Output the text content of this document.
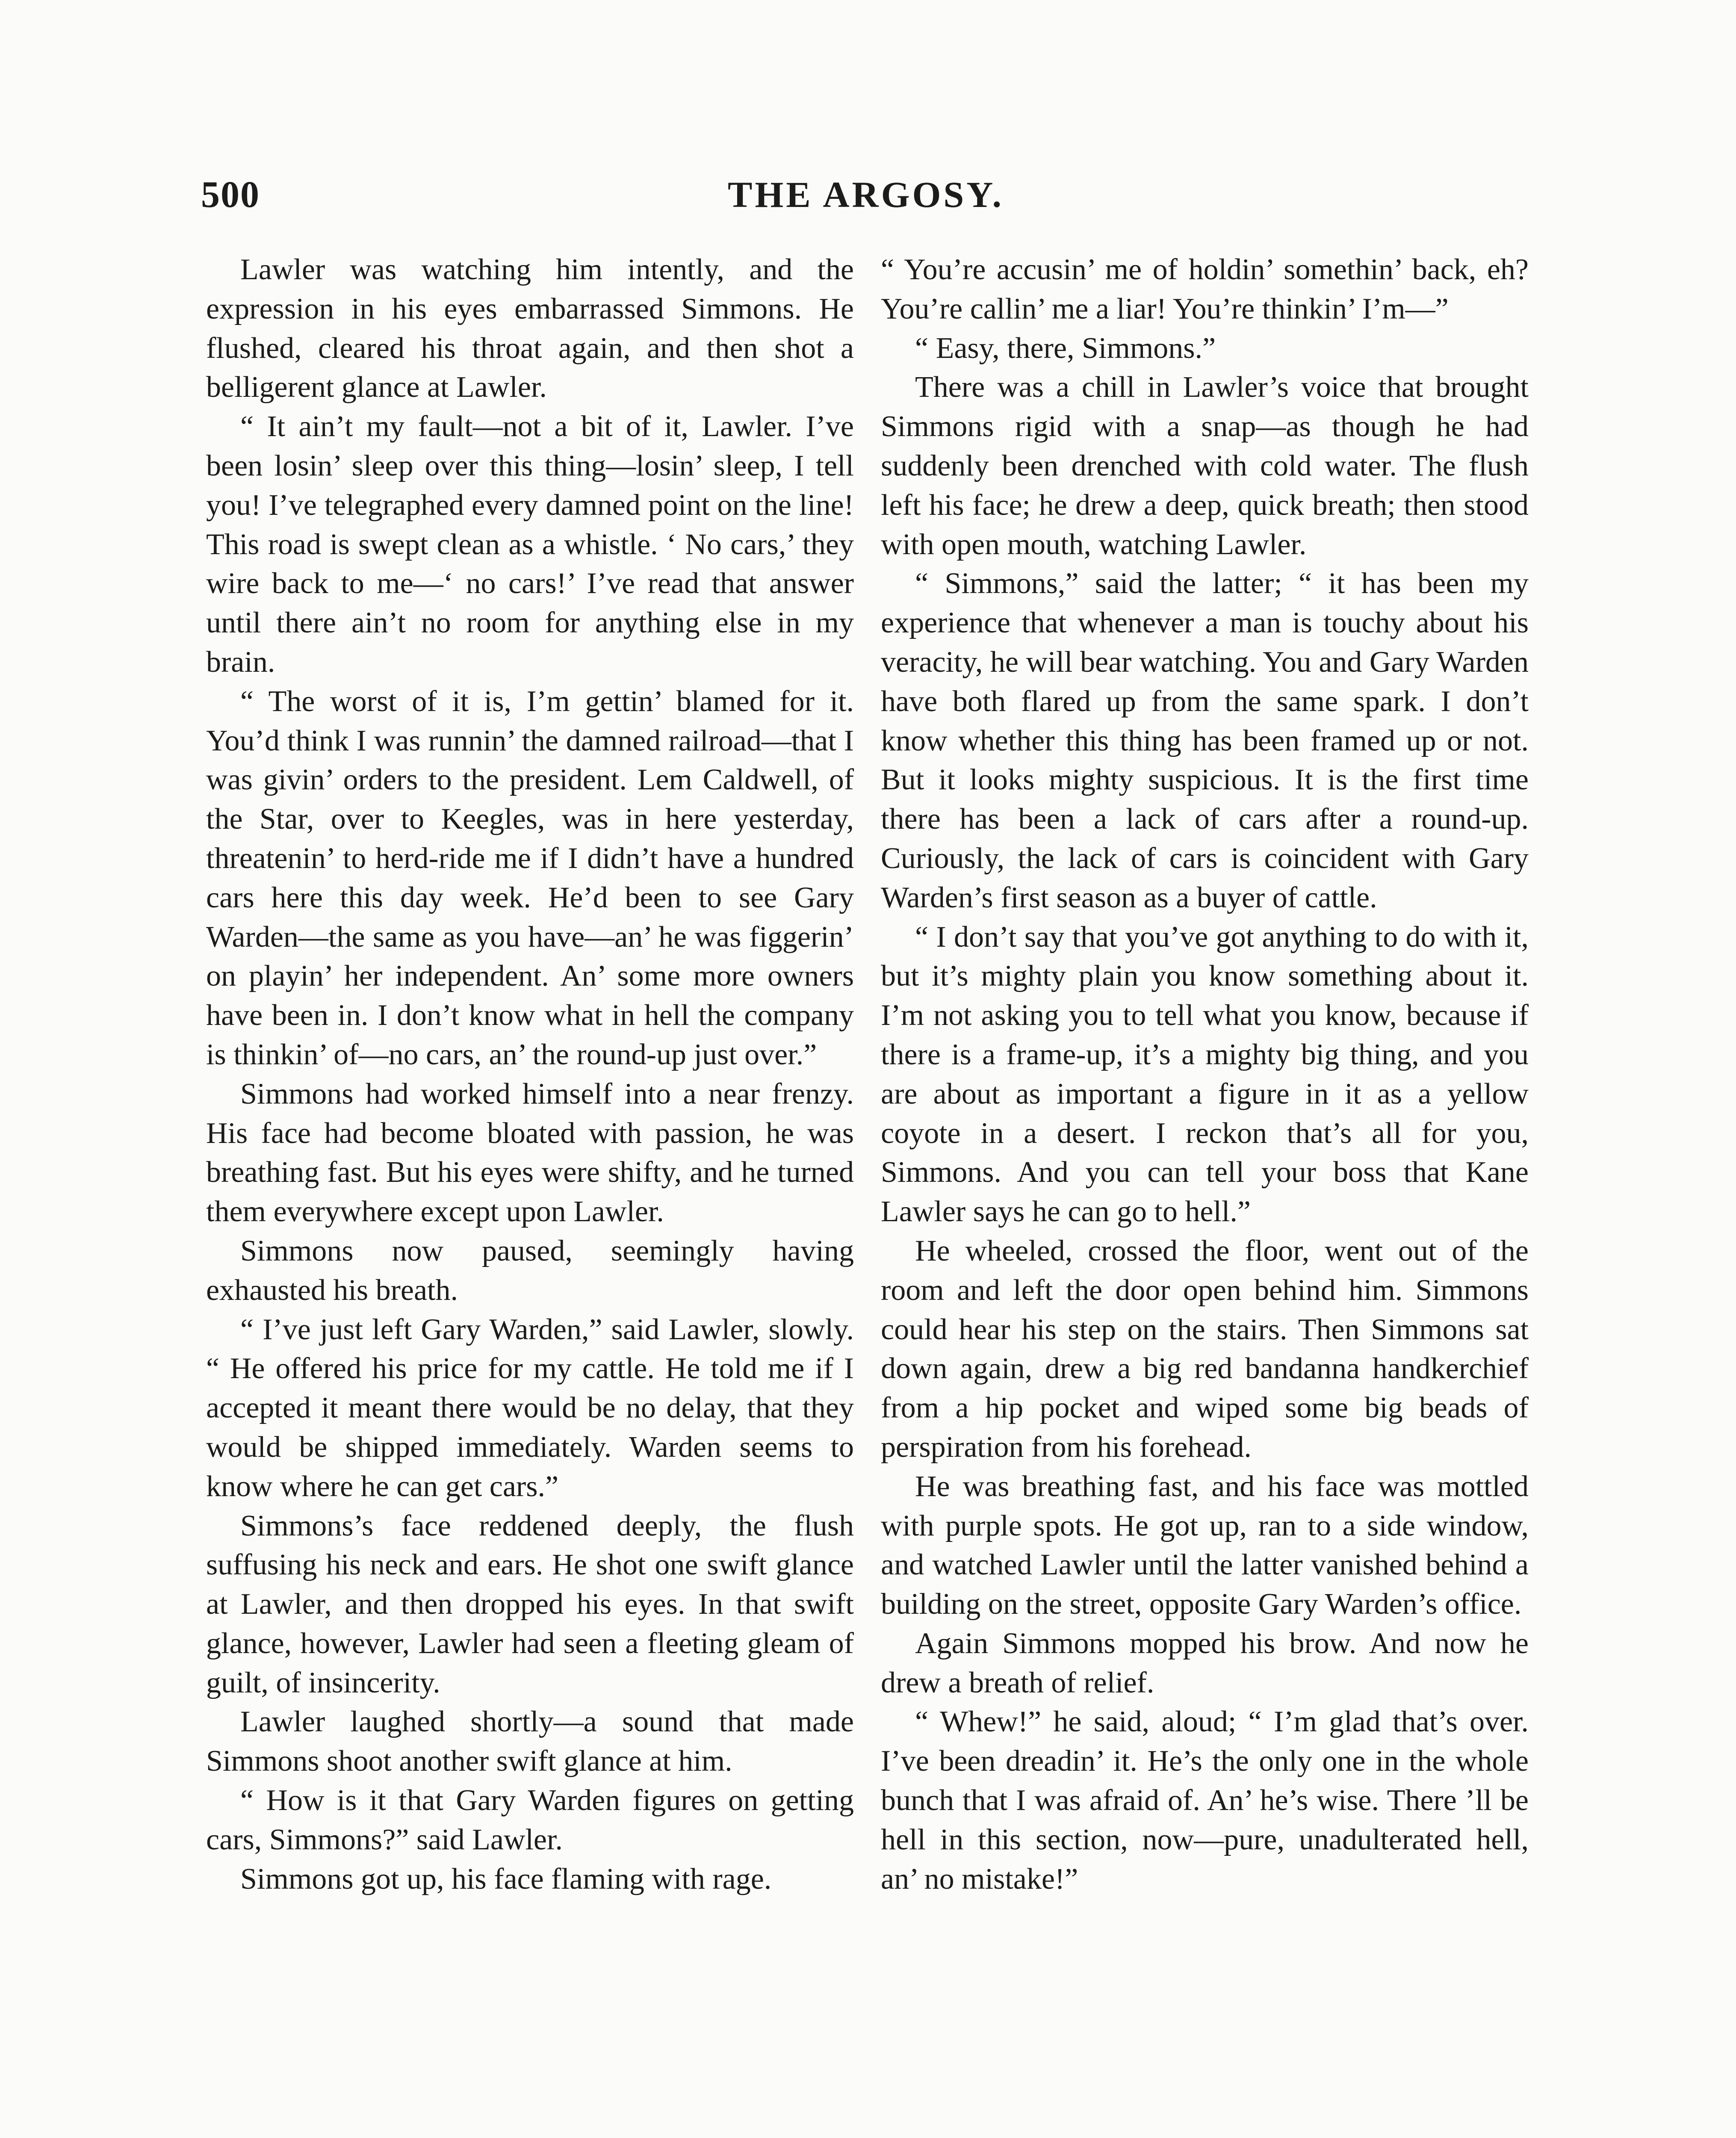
500	THE ARGOSY.

Lawler was watching him intently, and the expression in his eyes embarrassed Simmons. He flushed, cleared his throat again, and then shot a belligerent glance at Lawler.

“ It ain’t my fault—not a bit of it, Lawler. I’ve been losin’ sleep over this thing—losin’ sleep, I tell you! I’ve telegraphed every damned point on the line! This road is swept clean as a whistle. ‘ No cars,’ they wire back to me—‘ no cars!’ I’ve read that answer until there ain’t no room for anything else in my brain.

“ The worst of it is, I’m gettin’ blamed for it. You’d think I was runnin’ the damned railroad—that I was givin’ orders to the president. Lem Caldwell, of the Star, over to Keegles, was in here yesterday, threatenin’ to herd-ride me if I didn’t have a hundred cars here this day week. He’d been to see Gary Warden—the same as you have—an’ he was figgerin’ on playin’ her independent. An’ some more owners have been in. I don’t know what in hell the company is thinkin’ of—no cars, an’ the round-up just over.”

Simmons had worked himself into a near frenzy. His face had become bloated with passion, he was breathing fast. But his eyes were shifty, and he turned them everywhere except upon Lawler.

Simmons now paused, seemingly having exhausted his breath.

“ I’ve just left Gary Warden,” said Lawler, slowly. “ He offered his price for my cattle. He told me if I accepted it meant there would be no delay, that they would be shipped immediately. Warden seems to know where he can get cars.”

Simmons’s face reddened deeply, the flush suffusing his neck and ears. He shot one swift glance at Lawler, and then dropped his eyes. In that swift glance, however, Lawler had seen a fleeting gleam of guilt, of insincerity.

Lawler laughed shortly—a sound that made Simmons shoot another swift glance at him.

“ How is it that Gary Warden figures on getting cars, Simmons?” said Lawler.

Simmons got up, his face flaming with rage.

“ You’re accusin’ me of holdin’ somethin’ back, eh? You’re callin’ me a liar! You’re thinkin’ I’m—”

“ Easy, there, Simmons.”

There was a chill in Lawler’s voice that brought Simmons rigid with a snap—as though he had suddenly been drenched with cold water. The flush left his face; he drew a deep, quick breath; then stood with open mouth, watching Lawler.

“ Simmons,” said the latter; “ it has been my experience that whenever a man is touchy about his veracity, he will bear watching. You and Gary Warden have both flared up from the same spark. I don’t know whether this thing has been framed up or not. But it looks mighty suspicious. It is the first time there has been a lack of cars after a round-up. Curiously, the lack of cars is coincident with Gary Warden’s first season as a buyer of cattle.

“ I don’t say that you’ve got anything to do with it, but it’s mighty plain you know something about it. I’m not asking you to tell what you know, because if there is a frame-up, it’s a mighty big thing, and you are about as important a figure in it as a yellow coyote in a desert. I reckon that’s all for you, Simmons. And you can tell your boss that Kane Lawler says he can go to hell.”

He wheeled, crossed the floor, went out of the room and left the door open behind him. Simmons could hear his step on the stairs. Then Simmons sat down again, drew a big red bandanna handkerchief from a hip pocket and wiped some big beads of perspiration from his forehead.

He was breathing fast, and his face was mottled with purple spots. He got up, ran to a side window, and watched Lawler until the latter vanished behind a building on the street, opposite Gary Warden’s office.

Again Simmons mopped his brow. And now he drew a breath of relief.

“ Whew!” he said, aloud; “ I’m glad that’s over. I’ve been dreadin’ it. He’s the only one in the whole bunch that I was afraid of. An’ he’s wise. There ’ll be hell in this section, now—pure, unadulterated hell, an’ no mistake!”
